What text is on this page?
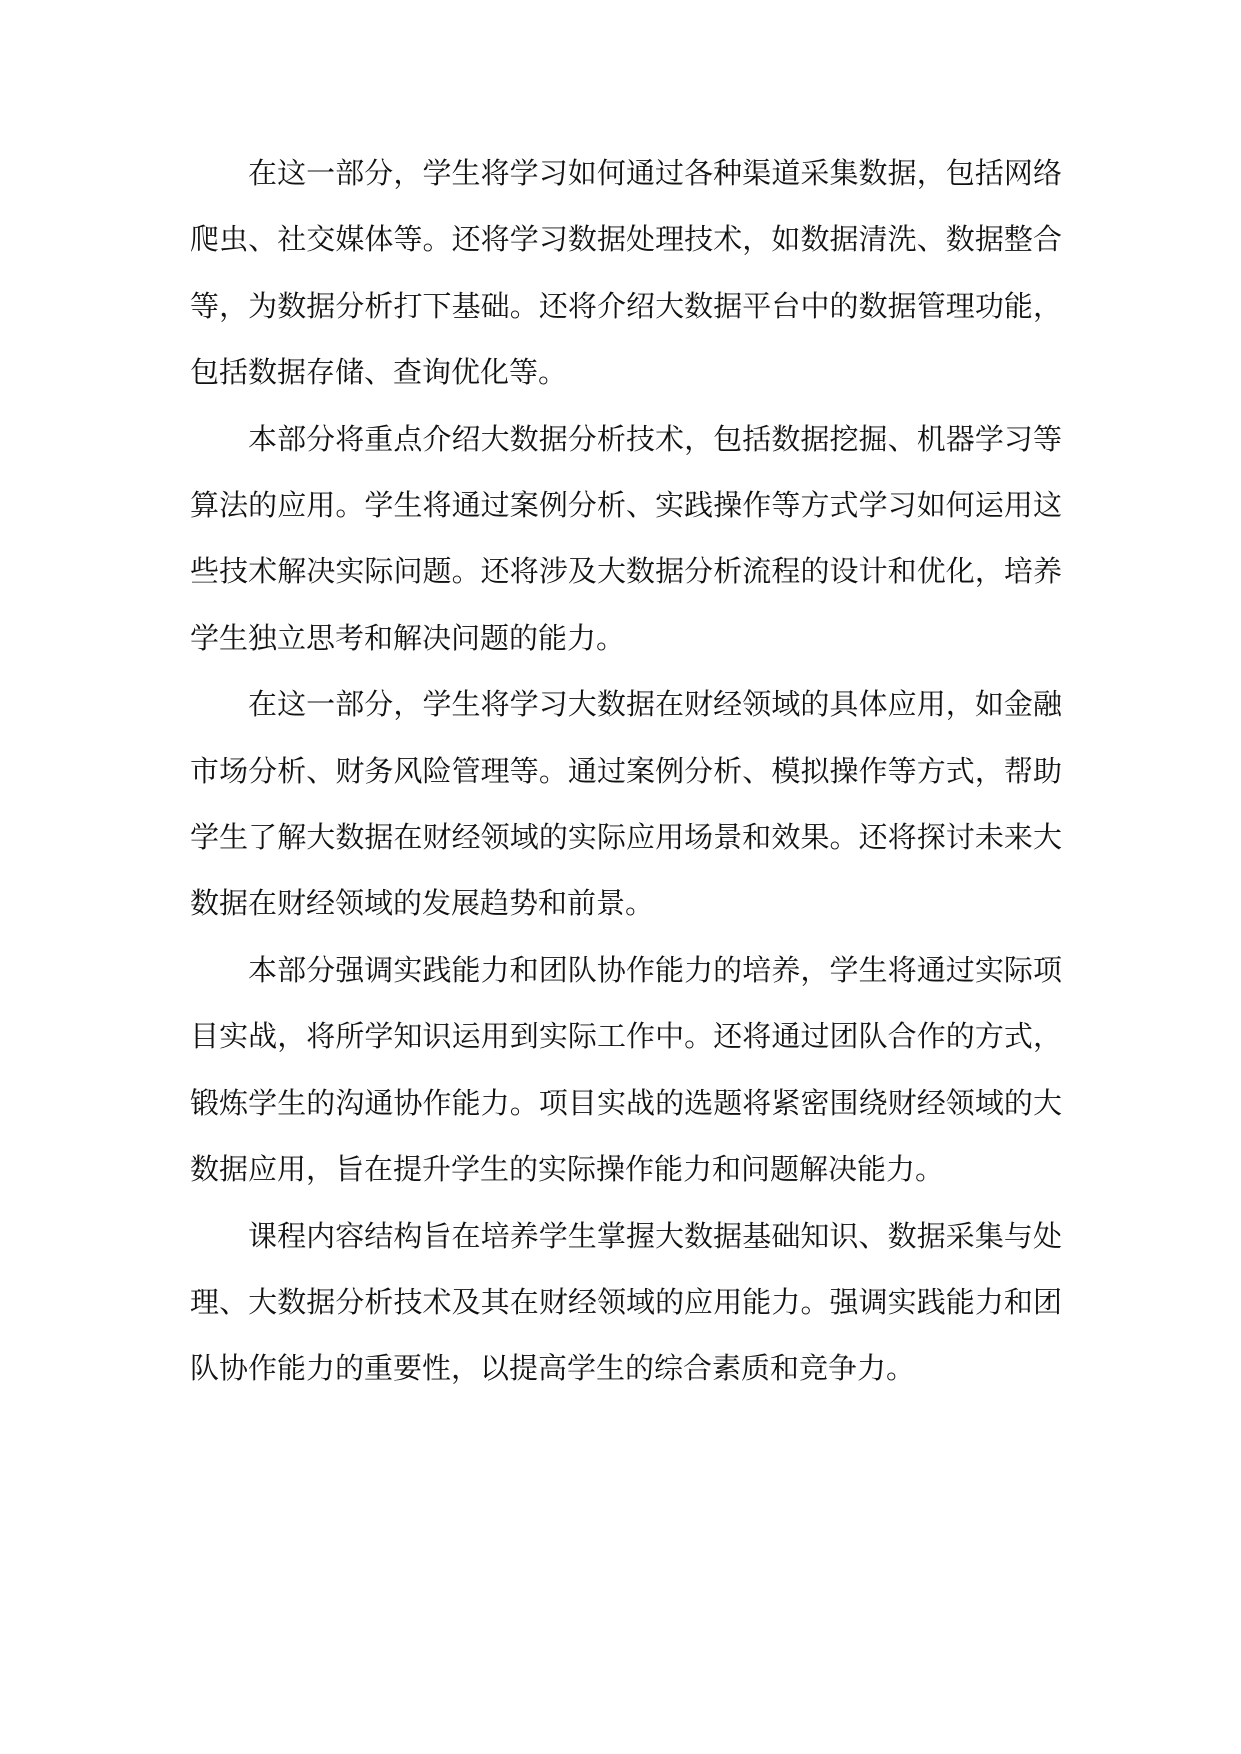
在这一部分，学生将学习如何通过各种渠道采集数据，包括网络爬虫、社交媒体等。还将学习数据处理技术，如数据清洗、数据整合等，为数据分析打下基础。还将介绍大数据平台中的数据管理功能，包括数据存储、查询优化等。

本部分将重点介绍大数据分析技术，包括数据挖掘、机器学习等算法的应用。学生将通过案例分析、实践操作等方式学习如何运用这些技术解决实际问题。还将涉及大数据分析流程的设计和优化，培养学生独立思考和解决问题的能力。

在这一部分，学生将学习大数据在财经领域的具体应用，如金融市场分析、财务风险管理等。通过案例分析、模拟操作等方式，帮助学生了解大数据在财经领域的实际应用场景和效果。还将探讨未来大数据在财经领域的发展趋势和前景。

本部分强调实践能力和团队协作能力的培养，学生将通过实际项目实战，将所学知识运用到实际工作中。还将通过团队合作的方式，锻炼学生的沟通协作能力。项目实战的选题将紧密围绕财经领域的大数据应用，旨在提升学生的实际操作能力和问题解决能力。

课程内容结构旨在培养学生掌握大数据基础知识、数据采集与处理、大数据分析技术及其在财经领域的应用能力。强调实践能力和团队协作能力的重要性，以提高学生的综合素质和竞争力。
